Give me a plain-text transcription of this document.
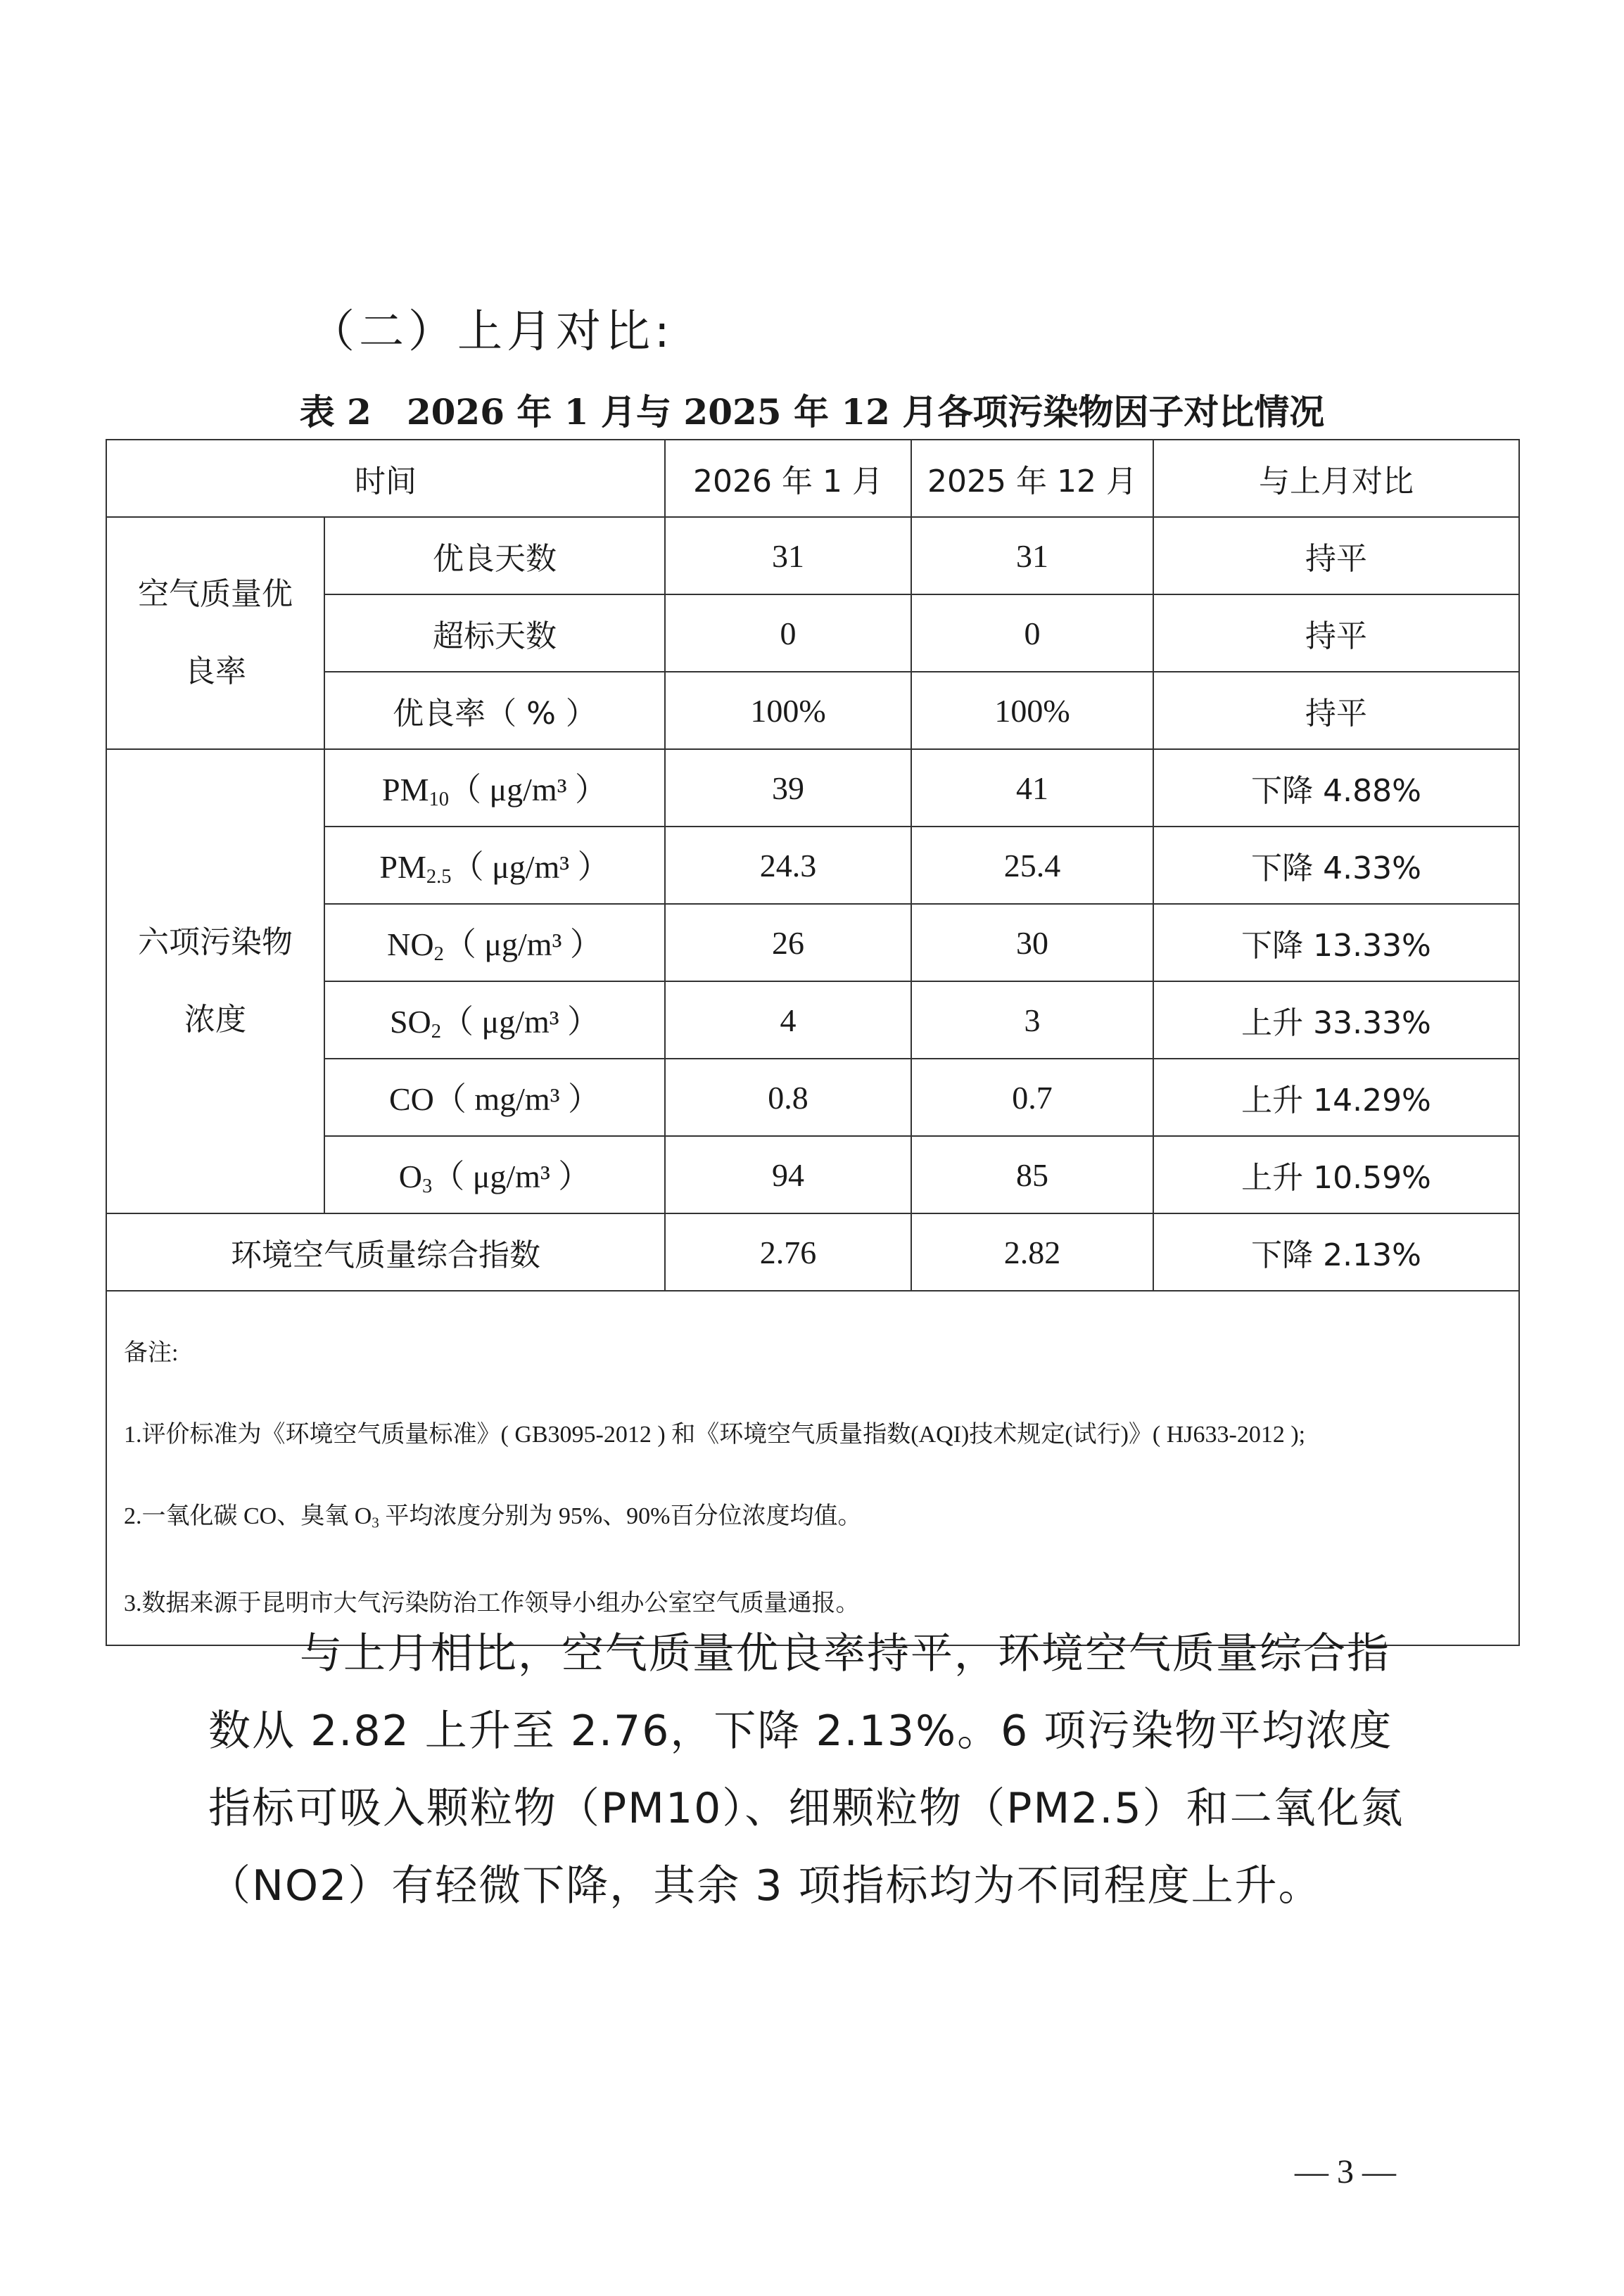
（二）上月对比:
表 2　2026 年 1 月与 2025 年 12 月各项污染物因子对比情况
时间		2026 年 1 月	2025 年 12 月	与上月对比
空气质量优
良率	优良天数	31	31	持平
	超标天数	0	0	持平
	优良率（ % ）	100%	100%	持平
六项污染物
浓度	$PM_{10}$（ μg/m³ ）	39	41	下降 4.88%
	$PM_{2.5}$（ μg/m³ ）	24.3	25.4	下降 4.33%
	$NO_2$（ μg/m³ ）	26	30	下降 13.33%
	$SO_2$（ μg/m³ ）	4	3	上升 33.33%
	CO（ mg/m³ ）	0.8	0.7	上升 14.29%
	$O_3$（ μg/m³ ）	94	85	上升 10.59%
环境空气质量综合指数		2.76	2.82	下降 2.13%

备注:
1.评价标准为《环境空气质量标准》( GB3095-2012 ) 和《环境空气质量指数(AQI)技术规定(试行)》( HJ633-2012 );
2.一氧化碳 CO、臭氧 $O_3$ 平均浓度分别为 95%、90%百分位浓度均值。
3.数据来源于昆明市大气污染防治工作领导小组办公室空气质量通报。				

与上月相比，空气质量优良率持平，环境空气质量综合指数从 2.82 上升至 2.76，下降 2.13%。6 项污染物平均浓度指标可吸入颗粒物（PM10）、细颗粒物（PM2.5）和二氧化氮（NO2）有轻微下降，其余 3 项指标均为不同程度上升。

— 3 —
